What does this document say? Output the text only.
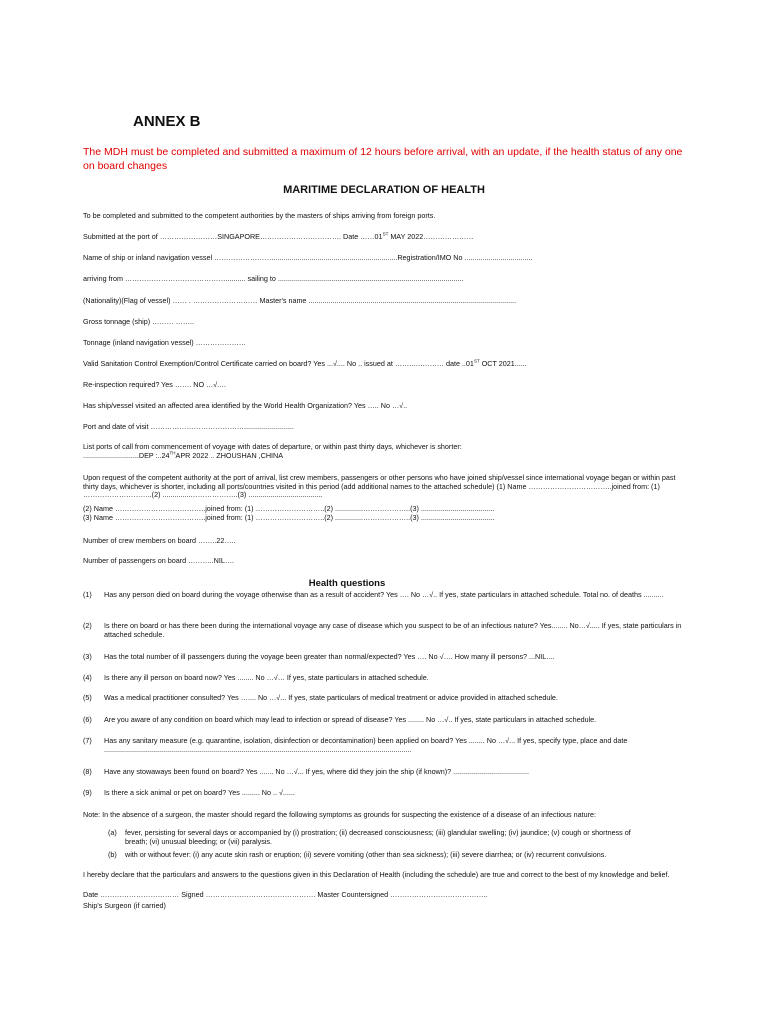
ANNEX B
The MDH must be completed and submitted a maximum of 12 hours before arrival, with an update, if the health status of any one on board changes
MARITIME DECLARATION OF HEALTH
To be completed and submitted to the competent authorities by the masters of ships arriving from foreign ports.
Submitted at the port of ……………………SINGAPORE……………………………. Date ……01ST MAY 2022…………………
Name of ship or inland navigation vessel ……………………...............................................................Registration/IMO No ..................................
arriving from …………………………………….......... sailing to .............................................................................................
(Nationality)(Flag of vessel) …… . ……………………… Master's name ........................................................................................................
Gross tonnage (ship) ……… ……..
Tonnage (inland navigation vessel) …………………
Valid Sanitation Control Exemption/Control Certificate carried on board? Yes ...√.... No .. issued at ……..….……… date ..01ST OCT 2021......
Re-inspection required? Yes ……. NO …√.…
Has ship/vessel visited an affected area identified by the World Health Organization? Yes ….. No …√..
Port and date of visit ………………………………….........................
List ports of call from commencement of voyage with dates of departure, or within past thirty days, whichever is shorter:
............................DEP :..24THAPR 2022 .. ZHOUSHAN ,CHINA
Upon request of the competent authority at the port of arrival, list crew members, passengers or other persons who have joined ship/vessel since international voyage began or within past thirty days, whichever is shorter, including all ports/countries visited in this period (add additional names to the attached schedule) (1) Name ……………………………..joined from: (1) ………………………..(2) ..............………………..(3) .....................................
(2) Name ………………………………..joined from: (1) ………………………..(2) ..............………………..(3) .....................................
(3) Name ………………………………..joined from: (1) ………………………..(2) ..............………………..(3) .....................................
Number of crew members on board ……..22…..
Number of passengers on board ………..NIL….
Health questions
(1) Has any person died on board during the voyage otherwise than as a result of accident? Yes …. No …√.. If yes, state particulars in attached schedule. Total no. of deaths ..........
(2) Is there on board or has there been during the international voyage any case of disease which you suspect to be of an infectious nature? Yes........ No…√..... If yes, state particulars in attached schedule.
(3) Has the total number of ill passengers during the voyage been greater than normal/expected? Yes …. No √…. How many ill persons? ...NIL....
(4) Is there any ill person on board now? Yes ........ No …√… If yes, state particulars in attached schedule.
(5) Was a medical practitioner consulted? Yes ….... No …√... If yes, state particulars of medical treatment or advice provided in attached schedule.
(6) Are you aware of any condition on board which may lead to infection or spread of disease? Yes ........ No …√.. If yes, state particulars in attached schedule.
(7) Has any sanitary measure (e.g. quarantine, isolation, disinfection or decontamination) been applied on board? Yes ........ No …√... If yes, specify type, place and date ..........................................................................................................................................................
(8) Have any stowaways been found on board? Yes ....... No …√... If yes, where did they join the ship (if known)? ......................................
(9) Is there a sick animal or pet on board? Yes ......... No .. √......
Note: In the absence of a surgeon, the master should regard the following symptoms as grounds for suspecting the existence of a disease of an infectious nature:
(a) fever, persisting for several days or accompanied by (i) prostration; (ii) decreased consciousness; (iii) glandular swelling; (iv) jaundice; (v) cough or shortness of breath; (vi) unusual bleeding; or (vii) paralysis.
(b) with or without fever: (i) any acute skin rash or eruption; (ii) severe vomiting (other than sea sickness); (iii) severe diarrhea; or (iv) recurrent convulsions.
I hereby declare that the particulars and answers to the questions given in this Declaration of Health (including the schedule) are true and correct to the best of my knowledge and belief.
Date …………………………… Signed ………………………………………. Master Countersigned …………………………………..
Ship's Surgeon (if carried)
